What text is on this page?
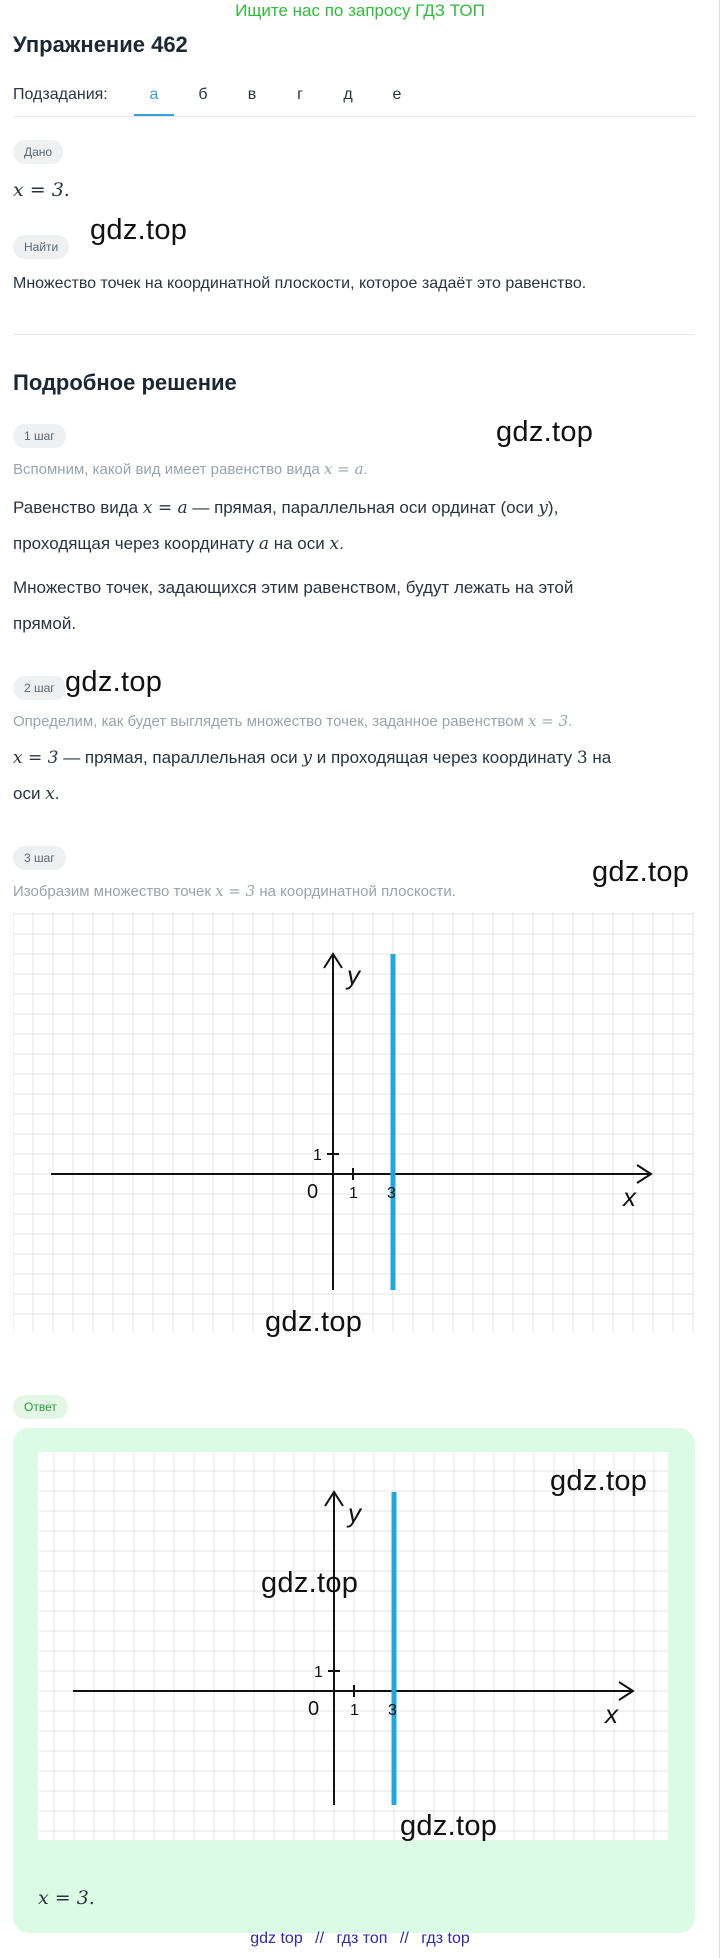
Ищите нас по запросу ГДЗ ТОП
Упражнение 462
Подзадания:	а	б	в	г	д	е
Дано
x = 3.
Найти
Множество точек на координатной плоскости, которое задаёт это равенство.
Подробное решение
1 шаг
Вспомним, какой вид имеет равенство вида x = a.
Равенство вида x = a — прямая, параллельная оси ординат (оси y),
проходящая через координату a на оси x.
Множество точек, задающихся этим равенством, будут лежать на этой
прямой.
2 шаг
Определим, как будет выглядеть множество точек, заданное равенством x = 3.
x = 3 — прямая, параллельная оси y и проходящая через координату 3 на
оси x.
3 шаг
Изобразим множество точек x = 3 на координатной плоскости.
0 1 3
1
y
x
Ответ
0 1 3
1
y
x
x = 3.
gdz.top
gdz.top
gdz.top
gdz.top
gdz.top
gdz.top
gdz.top
gdz.top
gdz top // гдз топ // гдз top
